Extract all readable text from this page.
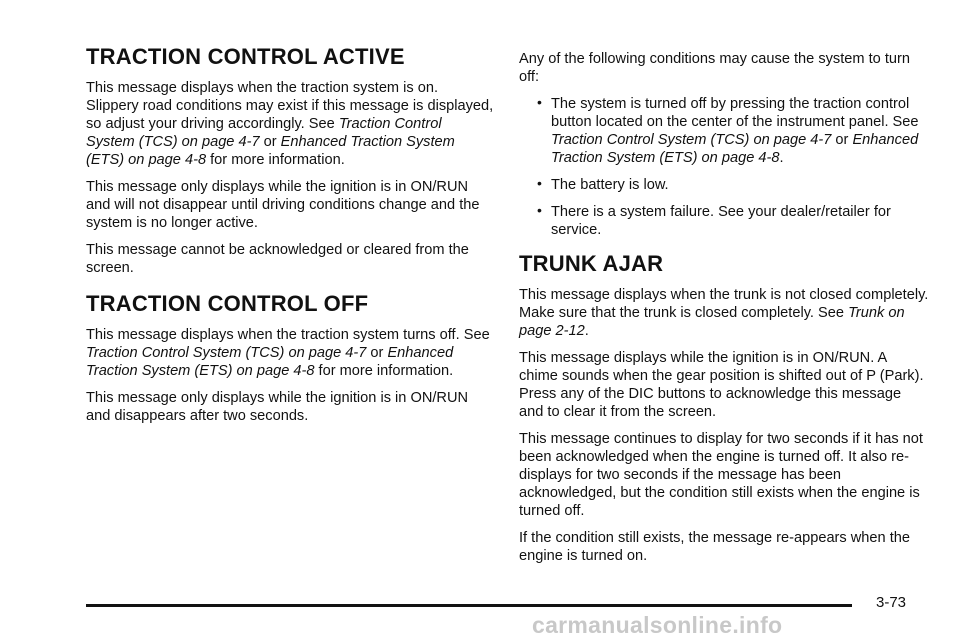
TRACTION CONTROL ACTIVE

This message displays when the traction system is on. Slippery road conditions may exist if this message is displayed, so adjust your driving accordingly. See Traction Control System (TCS) on page 4-7 or Enhanced Traction System (ETS) on page 4-8 for more information.

This message only displays while the ignition is in ON/RUN and will not disappear until driving conditions change and the system is no longer active.

This message cannot be acknowledged or cleared from the screen.

TRACTION CONTROL OFF

This message displays when the traction system turns off. See Traction Control System (TCS) on page 4-7 or Enhanced Traction System (ETS) on page 4-8 for more information.

This message only displays while the ignition is in ON/RUN and disappears after two seconds.

Any of the following conditions may cause the system to turn off:

• The system is turned off by pressing the traction control button located on the center of the instrument panel. See Traction Control System (TCS) on page 4-7 or Enhanced Traction System (ETS) on page 4-8.
• The battery is low.
• There is a system failure. See your dealer/retailer for service.
TRUNK AJAR

This message displays when the trunk is not closed completely. Make sure that the trunk is closed completely. See Trunk on page 2-12.

This message displays while the ignition is in ON/RUN. A chime sounds when the gear position is shifted out of P (Park). Press any of the DIC buttons to acknowledge this message and to clear it from the screen.

This message continues to display for two seconds if it has not been acknowledged when the engine is turned off. It also re-displays for two seconds if the message has been acknowledged, but the condition still exists when the engine is turned off.

If the condition still exists, the message re-appears when the engine is turned on.

3-73
carmanualsonline.info
